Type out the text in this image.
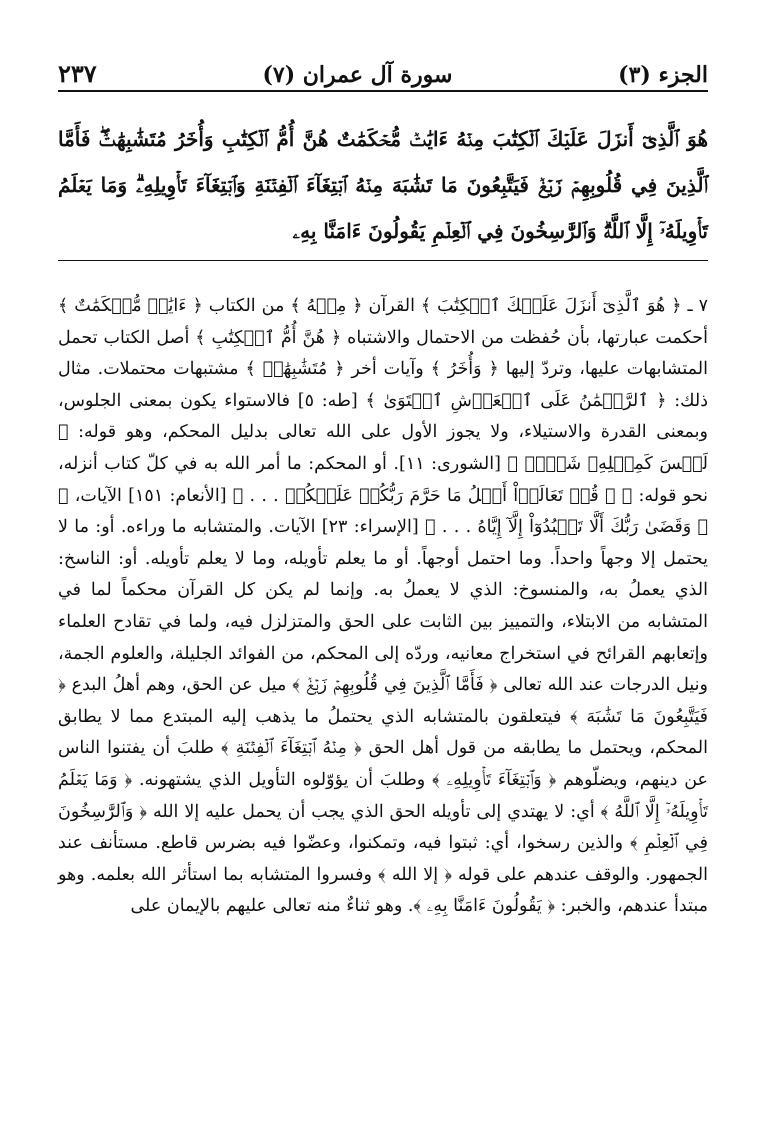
الجزء (٣)
سورة آل عمران (٧)
٢٣٧
هُوَ ٱلَّذِىٓ أَنزَلَ عَلَيۡكَ ٱلۡكِتَٰبَ مِنۡهُ ءَايَٰتٞ مُّحۡكَمَٰتٌ هُنَّ أُمُّ ٱلۡكِتَٰبِ وَأُخَرُ مُتَشَٰبِهَٰتٞۖ فَأَمَّا ٱلَّذِينَ فِي قُلُوبِهِمۡ زَيۡغٞ فَيَتَّبِعُونَ مَا تَشَٰبَهَ مِنۡهُ ٱبۡتِغَآءَ ٱلۡفِتۡنَةِ وَٱبۡتِغَآءَ تَأۡوِيلِهِۦۗ وَمَا يَعۡلَمُ تَأۡوِيلَهُۥٓ إِلَّا ٱللَّهُۗ وَٱلرَّٰسِخُونَ فِي ٱلۡعِلۡمِ يَقُولُونَ ءَامَنَّا بِهِۦ

٧ ـ ﴿ هُوَ ٱلَّذِىٓ أَنزَلَ عَلَيۡكَ ٱلۡكِتَٰبَ ﴾ القرآن ﴿ مِنۡهُ ﴾ من الكتاب ﴿ ءَايَٰتٞ مُّحۡكَمَٰتٌ ﴾ أحكمت عبارتها، بأن حُفظت من الاحتمال والاشتباه ﴿ هُنَّ أُمُّ ٱلۡكِتَٰبِ ﴾ أصل الكتاب تحمل المتشابهات عليها، وتردّ إليها ﴿ وَأُخَرُ ﴾ وآيات أخر ﴿ مُتَشَٰبِهَٰتٞ ﴾ مشتبهات محتملات. مثال ذلك: ﴿ ٱلرَّحۡمَٰنُ عَلَى ٱلۡعَرۡشِ ٱسۡتَوَىٰ ﴾ [طه: ٥] فالاستواء يكون بمعنى الجلوس، وبمعنى القدرة والاستيلاء، ولا يجوز الأول على الله تعالى بدليل المحكم، وهو قوله: ﴿ لَيۡسَ كَمِثۡلِهِۦ شَيۡءٞ ﴾ [الشورى: ١١]. أو المحكم: ما أمر الله به في كلّ كتاب أنزله، نحو قوله: ﴿ ۞ قُلۡ تَعَالَوۡاْ أَتۡلُ مَا حَرَّمَ رَبُّكُمۡ عَلَيۡكُمۡ . . . ﴾ [الأنعام: ١٥١] الآيات، ﴿ ۞ وَقَضَىٰ رَبُّكَ أَلَّا تَعۡبُدُوٓاْ إِلَّآ إِيَّاهُ . . . ﴾ [الإسراء: ٢٣] الآيات. والمتشابه ما وراءه. أو: ما لا يحتمل إلا وجهاً واحداً. وما احتمل أوجهاً. أو ما يعلم تأويله، وما لا يعلم تأويله. أو: الناسخ: الذي يعملُ به، والمنسوخ: الذي لا يعملُ به. وإنما لم يكن كل القرآن محكماً لما في المتشابه من الابتلاء، والتمييز بين الثابت على الحق والمتزلزل فيه، ولما في تقادح العلماء وإتعابهم القرائح في استخراج معانيه، وردّه إلى المحكم، من الفوائد الجليلة، والعلوم الجمة، ونيل الدرجات عند الله تعالى ﴿ فَأَمَّا ٱلَّذِينَ فِي قُلُوبِهِمۡ زَيۡغٞ ﴾ ميل عن الحق، وهم أهلُ البدع ﴿ فَيَتَّبِعُونَ مَا تَشَٰبَهَ ﴾ فيتعلقون بالمتشابه الذي يحتملُ ما يذهب إليه المبتدع مما لا يطابق المحكم، ويحتمل ما يطابقه من قول أهل الحق ﴿ مِنۡهُ ٱبۡتِغَآءَ ٱلۡفِتۡنَةِ ﴾ طلبَ أن يفتنوا الناس عن دينهم، ويضلّوهم ﴿ وَٱبۡتِغَآءَ تَأۡوِيلِهِۦ ﴾ وطلبَ أن يؤوّلوه التأويل الذي يشتهونه. ﴿ وَمَا يَعۡلَمُ تَأۡوِيلَهُۥٓ إِلَّا ٱللَّهُ ﴾ أي: لا يهتدي إلى تأويله الحق الذي يجب أن يحمل عليه إلا الله ﴿ وَٱلرَّٰسِخُونَ فِي ٱلۡعِلۡمِ ﴾ والذين رسخوا، أي: ثبتوا فيه، وتمكنوا، وعضّوا فيه بضرس قاطع. مستأنف عند الجمهور. والوقف عندهم على قوله ﴿ إلا الله ﴾ وفسروا المتشابه بما استأثر الله بعلمه. وهو مبتدأ عندهم، والخبر: ﴿ يَقُولُونَ ءَامَنَّا بِهِۦ ﴾. وهو ثناءٌ منه تعالى عليهم بالإيمان على
